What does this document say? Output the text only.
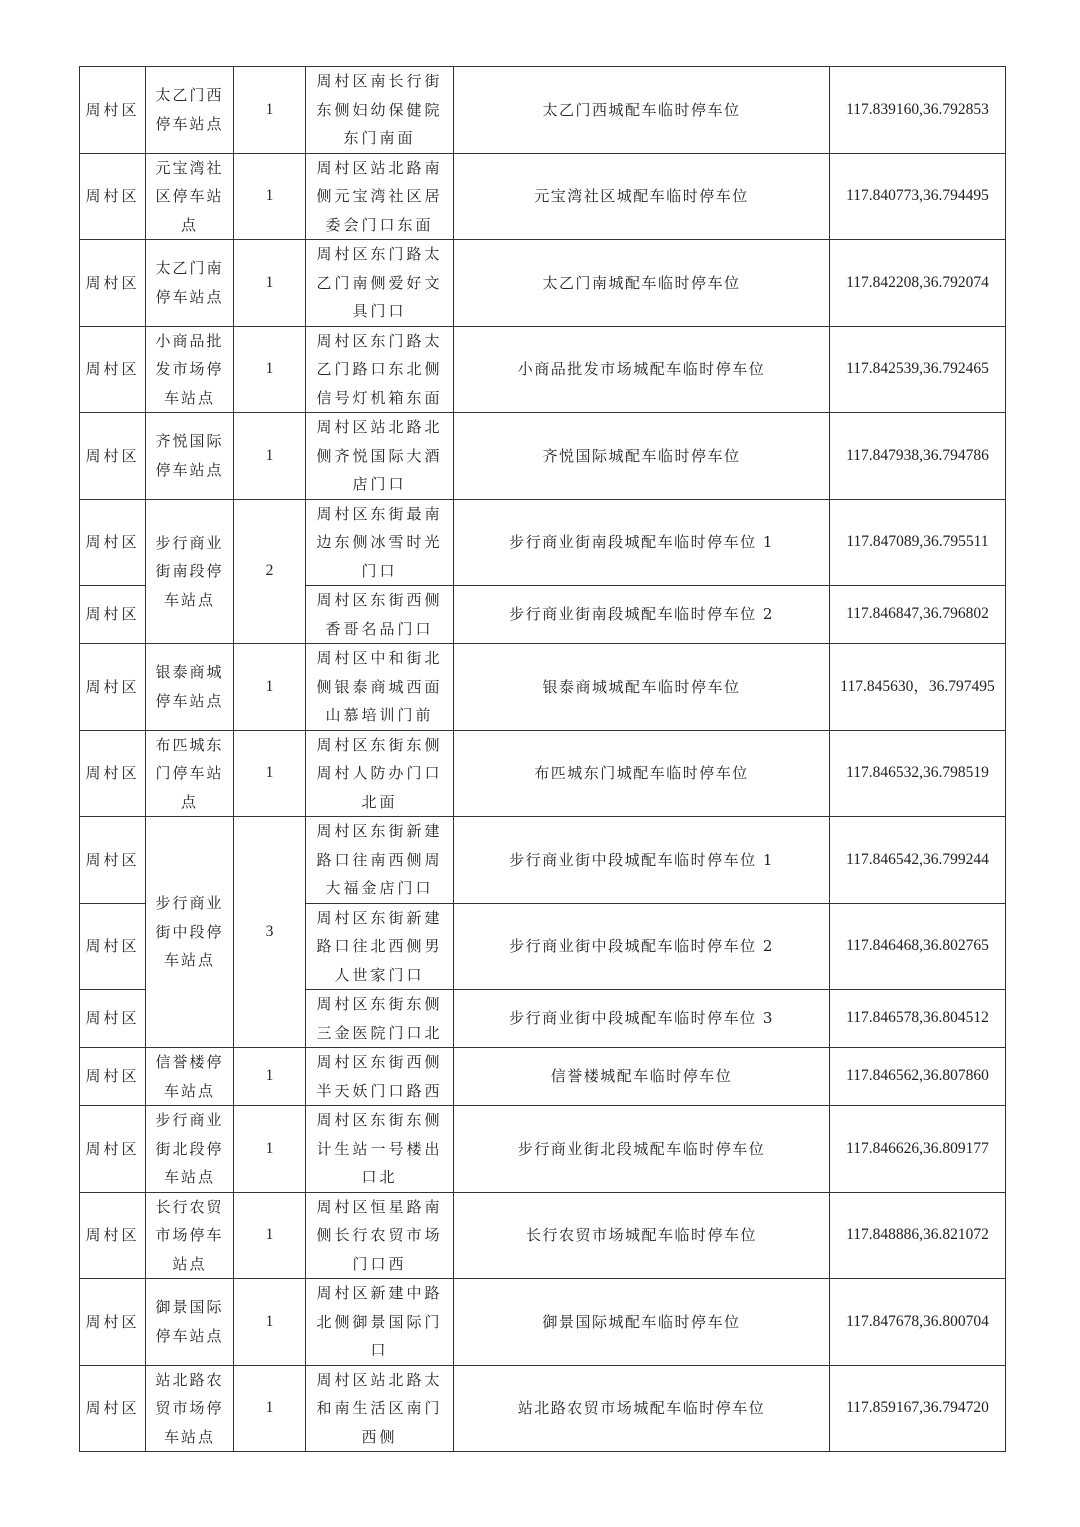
周村区	太乙门西停车站点	1	周村区南长行街东侧妇幼保健院东门南面	太乙门西城配车临时停车位	117.839160,36.792853
周村区	元宝湾社区停车站点	1	周村区站北路南侧元宝湾社区居委会门口东面	元宝湾社区城配车临时停车位	117.840773,36.794495
周村区	太乙门南停车站点	1	周村区东门路太乙门南侧爱好文具门口	太乙门南城配车临时停车位	117.842208,36.792074
周村区	小商品批发市场停车站点	1	周村区东门路太乙门路口东北侧信号灯机箱东面	小商品批发市场城配车临时停车位	117.842539,36.792465
周村区	齐悦国际停车站点	1	周村区站北路北侧齐悦国际大酒店门口	齐悦国际城配车临时停车位	117.847938,36.794786
周村区	步行商业街南段停车站点	2	周村区东街最南边东侧冰雪时光门口	步行商业街南段城配车临时停车位 1	117.847089,36.795511
周村区			周村区东街西侧香哥名品门口	步行商业街南段城配车临时停车位 2	117.846847,36.796802
周村区	银泰商城停车站点	1	周村区中和街北侧银泰商城西面山慕培训门前	银泰商城城配车临时停车位	117.845630，36.797495
周村区	布匹城东门停车站点	1	周村区东街东侧周村人防办门口北面	布匹城东门城配车临时停车位	117.846532,36.798519
周村区	步行商业街中段停车站点	3	周村区东街新建路口往南西侧周大福金店门口	步行商业街中段城配车临时停车位 1	117.846542,36.799244
周村区			周村区东街新建路口往北西侧男人世家门口	步行商业街中段城配车临时停车位 2	117.846468,36.802765
周村区			周村区东街东侧三金医院门口北	步行商业街中段城配车临时停车位 3	117.846578,36.804512
周村区	信誉楼停车站点	1	周村区东街西侧半天妖门口路西	信誉楼城配车临时停车位	117.846562,36.807860
周村区	步行商业街北段停车站点	1	周村区东街东侧计生站一号楼出口北	步行商业街北段城配车临时停车位	117.846626,36.809177
周村区	长行农贸市场停车站点	1	周村区恒星路南侧长行农贸市场门口西	长行农贸市场城配车临时停车位	117.848886,36.821072
周村区	御景国际停车站点	1	周村区新建中路北侧御景国际门口	御景国际城配车临时停车位	117.847678,36.800704
周村区	站北路农贸市场停车站点	1	周村区站北路太和南生活区南门西侧	站北路农贸市场城配车临时停车位	117.859167,36.794720
